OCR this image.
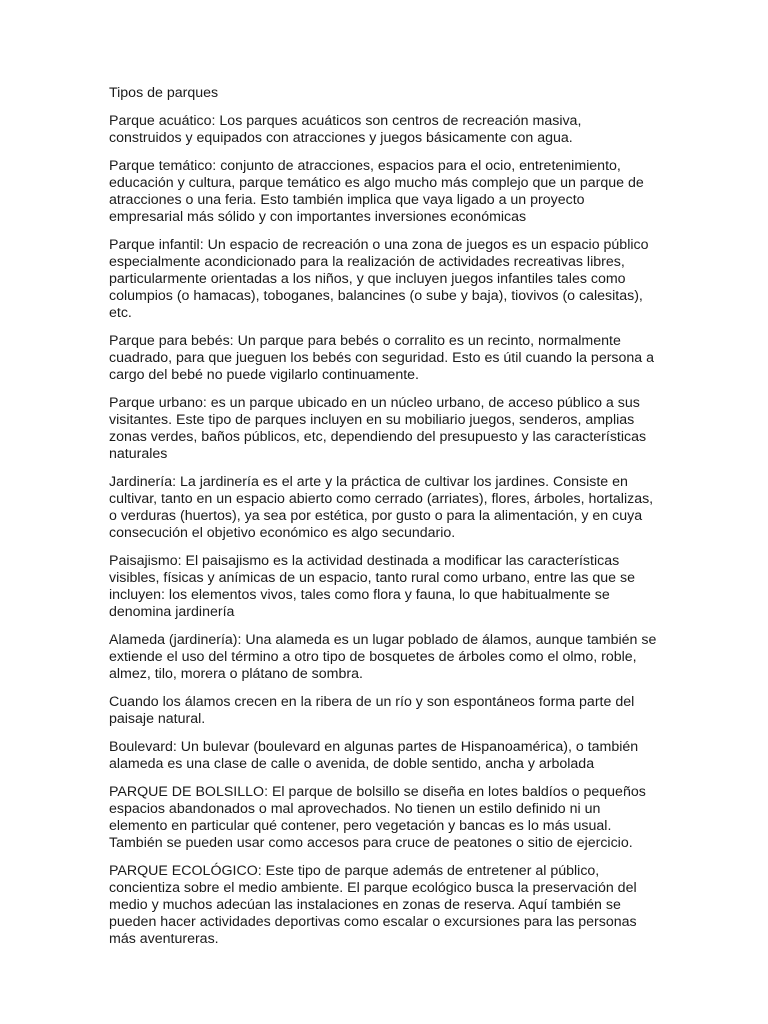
Tipos de parques

Parque acuático: Los parques acuáticos son centros de recreación masiva,
construidos y equipados con atracciones y juegos básicamente con agua.

Parque temático: conjunto de atracciones, espacios para el ocio, entretenimiento,
educación y cultura, parque temático es algo mucho más complejo que un parque de
atracciones o una feria. Esto también implica que vaya ligado a un proyecto
empresarial más sólido y con importantes inversiones económicas

Parque infantil: Un espacio de recreación o una zona de juegos es un espacio público
especialmente acondicionado para la realización de actividades recreativas libres,
particularmente orientadas a los niños, y que incluyen juegos infantiles tales como
columpios (o hamacas), toboganes, balancines (o sube y baja), tiovivos (o calesitas),
etc.

Parque para bebés: Un parque para bebés o corralito es un recinto, normalmente
cuadrado, para que jueguen los bebés con seguridad. Esto es útil cuando la persona a
cargo del bebé no puede vigilarlo continuamente.

Parque urbano: es un parque ubicado en un núcleo urbano, de acceso público a sus
visitantes. Este tipo de parques incluyen en su mobiliario juegos, senderos, amplias
zonas verdes, baños públicos, etc, dependiendo del presupuesto y las características
naturales

Jardinería: La jardinería es el arte y la práctica de cultivar los jardines. Consiste en
cultivar, tanto en un espacio abierto como cerrado (arriates), flores, árboles, hortalizas,
o verduras (huertos), ya sea por estética, por gusto o para la alimentación, y en cuya
consecución el objetivo económico es algo secundario.

Paisajismo: El paisajismo es la actividad destinada a modificar las características
visibles, físicas y anímicas de un espacio, tanto rural como urbano, entre las que se
incluyen: los elementos vivos, tales como flora y fauna, lo que habitualmente se
denomina jardinería

Alameda (jardinería): Una alameda es un lugar poblado de álamos, aunque también se
extiende el uso del término a otro tipo de bosquetes de árboles como el olmo, roble,
almez, tilo, morera o plátano de sombra.

Cuando los álamos crecen en la ribera de un río y son espontáneos forma parte del
paisaje natural.

Boulevard: Un bulevar (boulevard en algunas partes de Hispanoamérica), o también
alameda es una clase de calle o avenida, de doble sentido, ancha y arbolada

PARQUE DE BOLSILLO: El parque de bolsillo se diseña en lotes baldíos o pequeños
espacios abandonados o mal aprovechados. No tienen un estilo definido ni un
elemento en particular qué contener, pero vegetación y bancas es lo más usual.
También se pueden usar como accesos para cruce de peatones o sitio de ejercicio.

PARQUE ECOLÓGICO: Este tipo de parque además de entretener al público,
concientiza sobre el medio ambiente. El parque ecológico busca la preservación del
medio y muchos adecúan las instalaciones en zonas de reserva. Aquí también se
pueden hacer actividades deportivas como escalar o excursiones para las personas
más aventureras.
